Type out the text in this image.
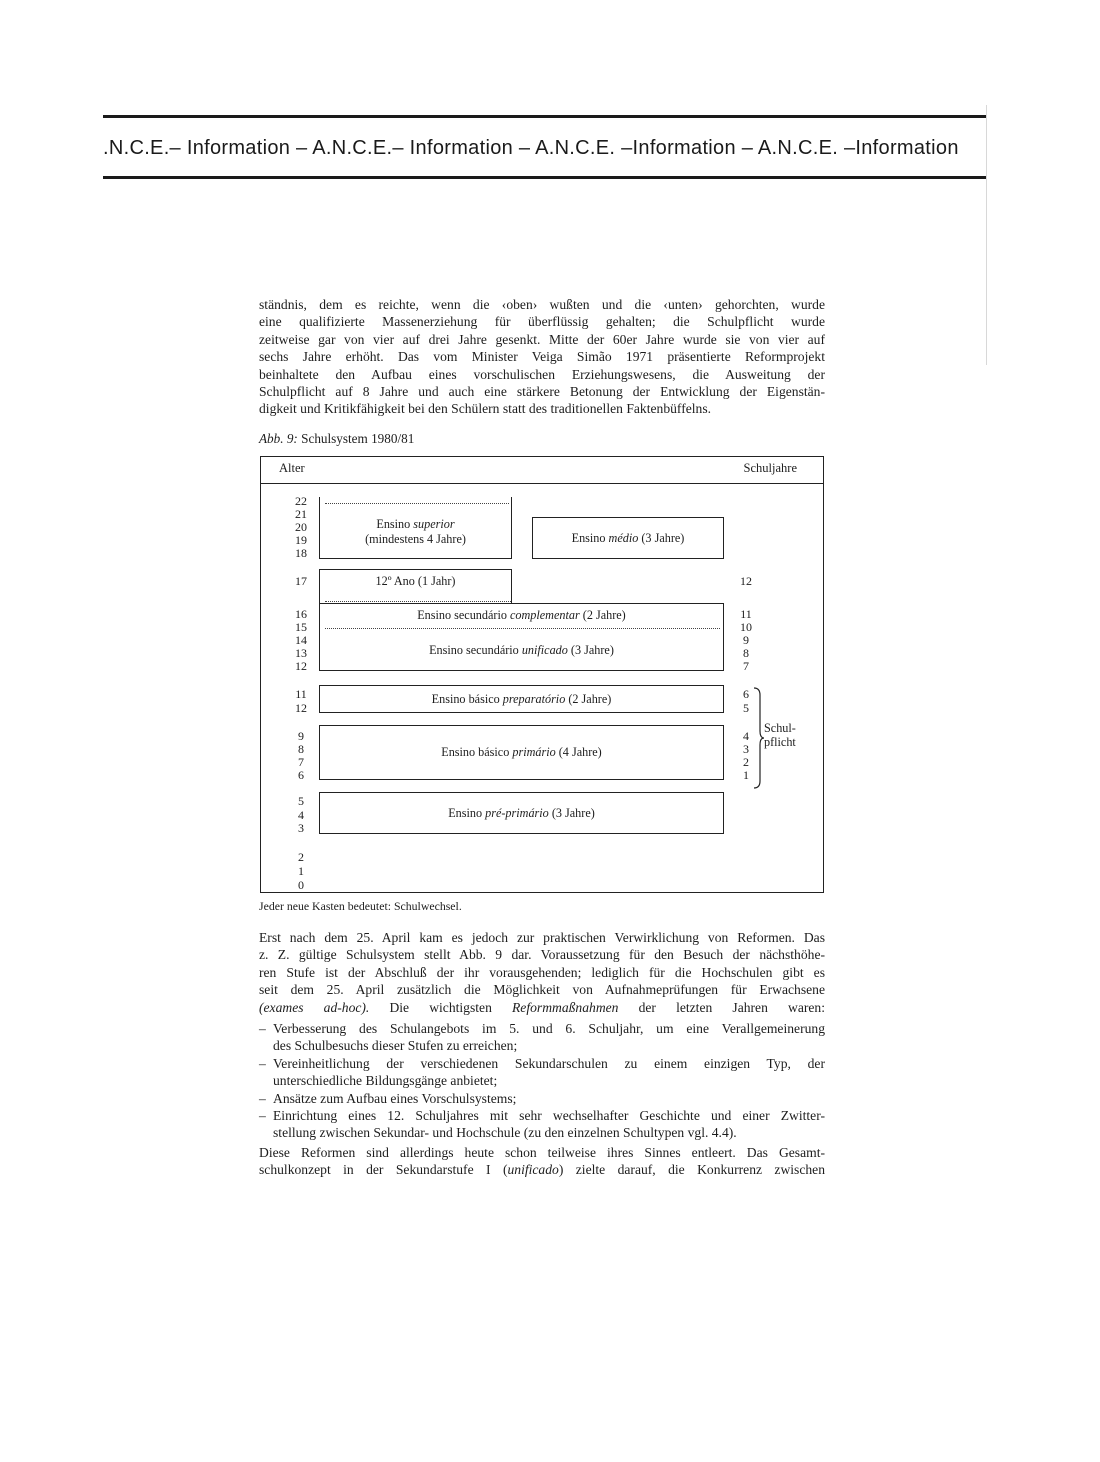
.N.C.E.– Information – A.N.C.E.– Information – A.N.C.E. –Information – A.N.C.E. –Information

ständnis, dem es reichte, wenn die ‹oben› wußten und die ‹unten› gehorchten, wurde
eine qualifizierte Massenerziehung für überflüssig gehalten; die Schulpflicht wurde
zeitweise gar von vier auf drei Jahre gesenkt. Mitte der 60er Jahre wurde sie von vier auf
sechs Jahre erhöht. Das vom Minister Veiga Simão 1971 präsentierte Reformprojekt
beinhaltete den Aufbau eines vorschulischen Erziehungswesens, die Ausweitung der
Schulpflicht auf 8 Jahre und auch eine stärkere Betonung der Entwicklung der Eigenstän-
digkeit und Kritikfähigkeit bei den Schülern statt des traditionellen Faktenbüffelns.

Abb. 9: Schulsystem 1980/81
Alter	Schuljahre
22
21
20
19
18
17
16
15
14
13
12
11
12
9
8
7
6
5
4
3
2
1
0
12
11
10
9
8
7
6
5
4
3
2
1
Ensino superior
(mindestens 4 Jahre)	Ensino médio (3 Jahre)
12º Ano (1 Jahr)
Ensino secundário complementar (2 Jahre)
Ensino secundário unificado (3 Jahre)
Ensino básico preparatório (2 Jahre)
Ensino básico primário (4 Jahre)
Ensino pré-primário (3 Jahre)
Schul-
pflicht
Jeder neue Kasten bedeutet: Schulwechsel.

Erst nach dem 25. April kam es jedoch zur praktischen Verwirklichung von Reformen. Das
z. Z. gültige Schulsystem stellt Abb. 9 dar. Voraussetzung für den Besuch der nächsthöhe-
ren Stufe ist der Abschluß der ihr vorausgehenden; lediglich für die Hochschulen gibt es
seit dem 25. April zusätzlich die Möglichkeit von Aufnahmeprüfungen für Erwachsene
(exames ad-hoc). Die wichtigsten Reformmaßnahmen der letzten Jahren waren:

– Verbesserung des Schulangebots im 5. und 6. Schuljahr, um eine Verallgemeinerung
des Schulbesuchs dieser Stufen zu erreichen;
– Vereinheitlichung der verschiedenen Sekundarschulen zu einem einzigen Typ, der
unterschiedliche Bildungsgänge anbietet;
– Ansätze zum Aufbau eines Vorschulsystems;
– Einrichtung eines 12. Schuljahres mit sehr wechselhafter Geschichte und einer Zwitter-
stellung zwischen Sekundar- und Hochschule (zu den einzelnen Schultypen vgl. 4.4).

Diese Reformen sind allerdings heute schon teilweise ihres Sinnes entleert. Das Gesamt-
schulkonzept in der Sekundarstufe I (unificado) zielte darauf, die Konkurrenz zwischen
